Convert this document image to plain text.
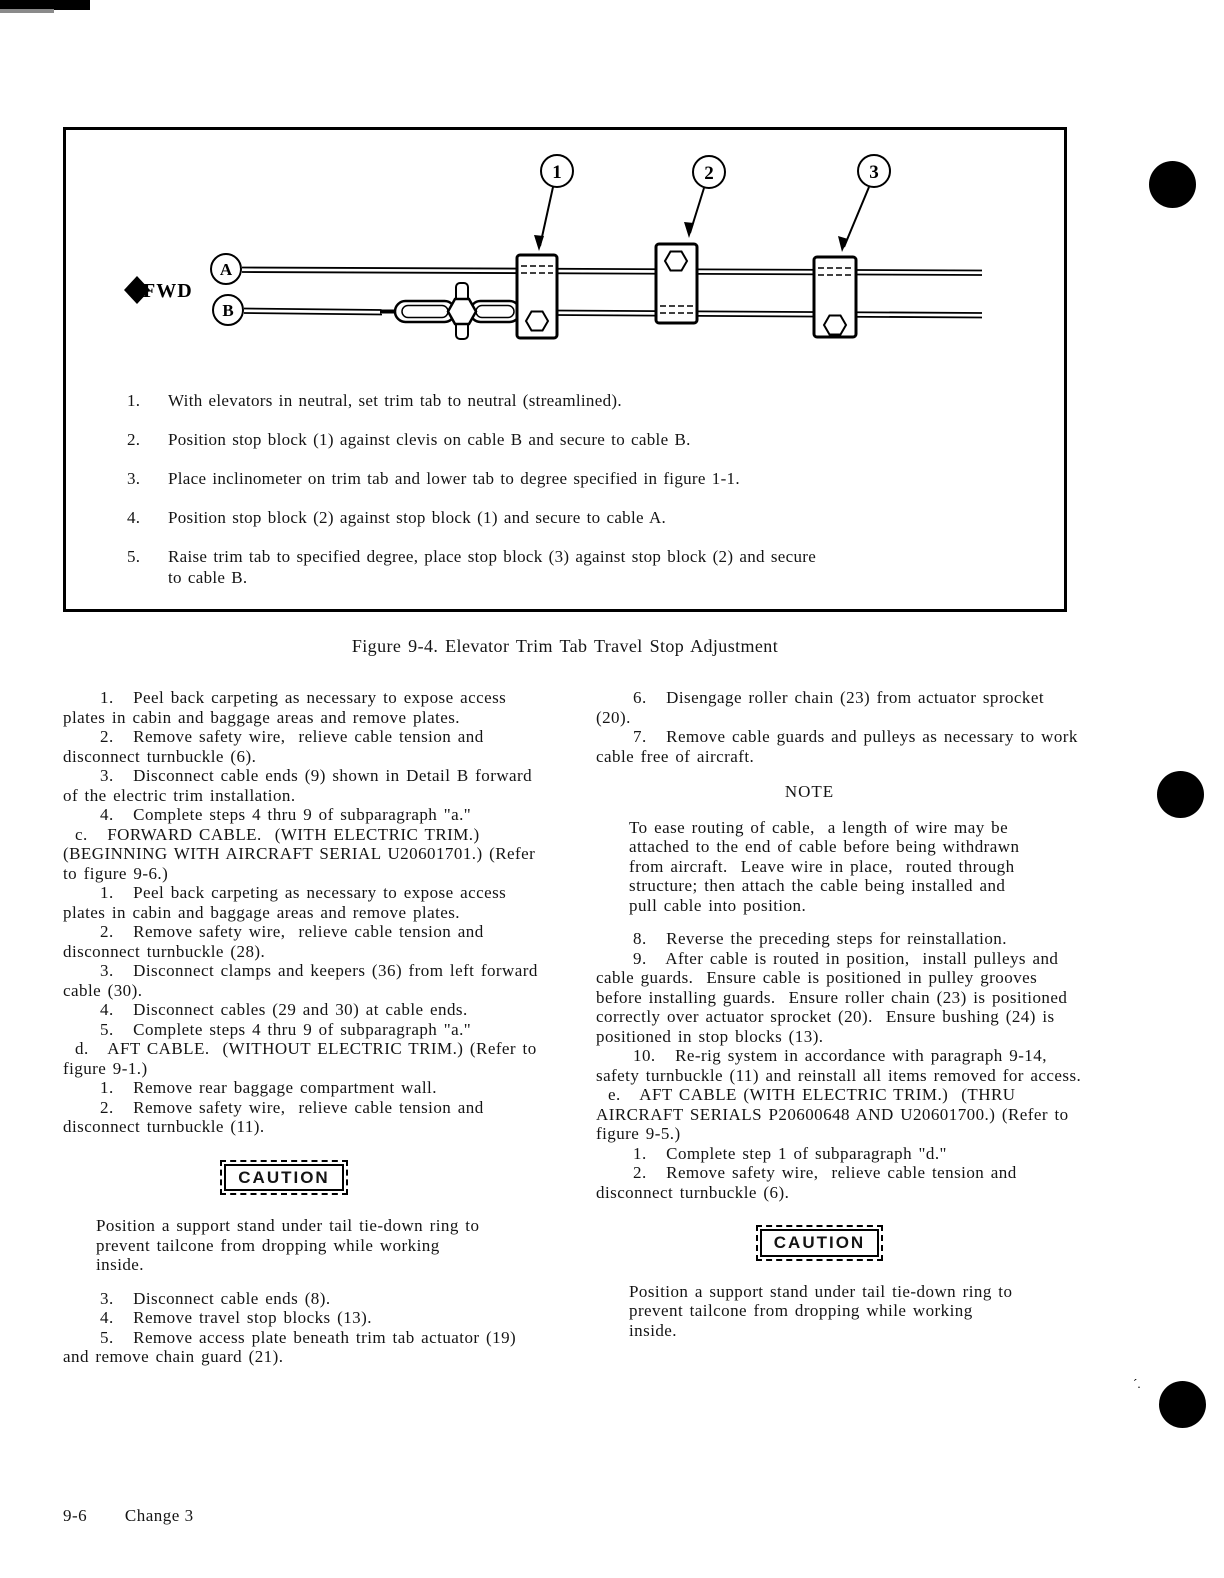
A
B
FWD
1	2	3
1.	With elevators in neutral, set trim tab to neutral (streamlined).
2.	Position stop block (1) against clevis on cable B and secure to cable B.
3.	Place inclinometer on trim tab and lower tab to degree specified in figure 1-1.
4.	Position stop block (2) against stop block (1) and secure to cable A.
5.	Raise trim tab to specified degree, place stop block (3) against stop block (2) and secure to cable B.
Figure 9-4. Elevator Trim Tab Travel Stop Adjustment
1.   Peel back carpeting as necessary to expose access plates in cabin and baggage areas and remove plates.
2.   Remove safety wire,  relieve cable tension and disconnect turnbuckle (6).
3.   Disconnect cable ends (9) shown in Detail B forward of the electric trim installation.
4.   Complete steps 4 thru 9 of subparagraph "a."
c.   FORWARD CABLE.  (WITH ELECTRIC TRIM.) (BEGINNING WITH AIRCRAFT SERIAL U20601701.) (Refer to figure 9-6.)
1.   Peel back carpeting as necessary to expose access plates in cabin and baggage areas and remove plates.
2.   Remove safety wire,  relieve cable tension and disconnect turnbuckle (28).
3.   Disconnect clamps and keepers (36) from left forward cable (30).
4.   Disconnect cables (29 and 30) at cable ends.
5.   Complete steps 4 thru 9 of subparagraph "a."
d.   AFT CABLE.  (WITHOUT ELECTRIC TRIM.) (Refer to figure 9-1.)
1.   Remove rear baggage compartment wall.
2.   Remove safety wire,  relieve cable tension and disconnect turnbuckle (11).
CAUTION
Position a support stand under tail tie-down ring to prevent tailcone from dropping while working inside.
3.   Disconnect cable ends (8).
4.   Remove travel stop blocks (13).
5.   Remove access plate beneath trim tab actuator (19) and remove chain guard (21).
6.   Disengage roller chain (23) from actuator sprocket (20).
7.   Remove cable guards and pulleys as necessary to work cable free of aircraft.
NOTE
To ease routing of cable,  a length of wire may be attached to the end of cable before being withdrawn from aircraft.  Leave wire in place,  routed through structure; then attach the cable being installed and pull cable into position.
8.   Reverse the preceding steps for reinstallation.
9.   After cable is routed in position,  install pulleys and cable guards.  Ensure cable is positioned in pulley grooves before installing guards.  Ensure roller chain (23) is positioned correctly over actuator sprocket (20).  Ensure bushing (24) is positioned in stop blocks (13).
10.   Re-rig system in accordance with paragraph 9-14,  safety turnbuckle (11) and reinstall all items removed for access.
e.   AFT CABLE (WITH ELECTRIC TRIM.)  (THRU AIRCRAFT SERIALS P20600648 AND U20601700.) (Refer to figure 9-5.)
1.   Complete step 1 of subparagraph "d."
2.   Remove safety wire,  relieve cable tension and disconnect turnbuckle (6).
CAUTION
Position a support stand under tail tie-down ring to prevent tailcone from dropping while working inside.
9-6 Change 3
´.
